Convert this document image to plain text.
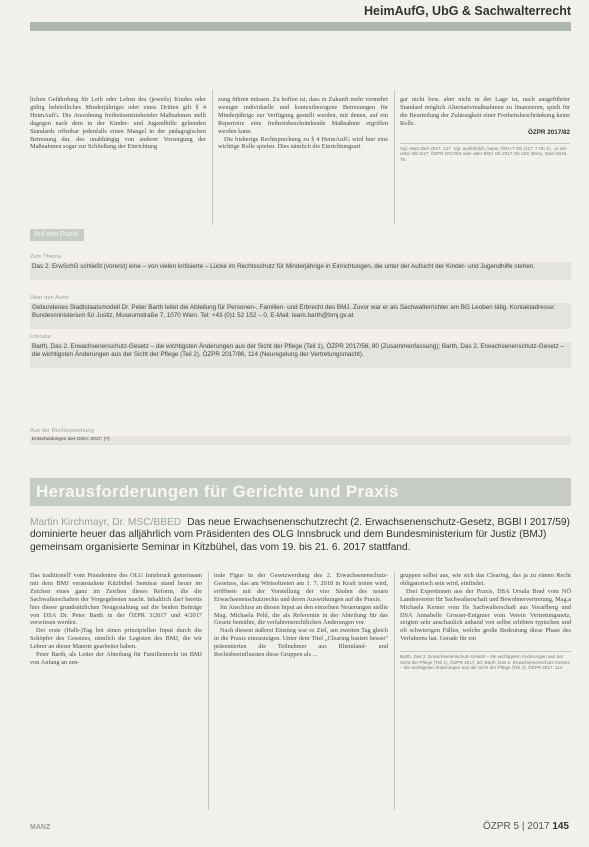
HeimAufG, UbG & Sachwalterrecht

lichen Gefährdung für Leib oder Leben des (jeweils) Kindes oder gültig behördliches Minderjähriges oder eines Dritten gilt § 4 HeimAufG. Die Anordnung freiheitsentziehender Maßnahmen stellt dagegen nach dem in der Kinder- und Jugendhilfe geltenden Standards offenbar jedenfalls einen Mangel in der pädagogischen Betreuung dar, des unabhängig von anderer Vorsorgung der Maßnahmen sogar zur Schließung der Einrichtung

zung führen müssen. Zu hoffen ist, dass in Zukunft mehr vermehrt weniger individuelle und kontextbezogene Betreuungen für Minderjährige zur Verfügung gestellt werden, mit denen, auf ein Repertoire eine freiheitsbeschränkende Maßnahme ergriffen werden kann.

Die bisherige Rechtsprechung zu § 4 HeimAufG wird hier eine wichtige Rolle spielen. Dies nämlich die Einrichtungsart

gar nicht bzw. aber nicht in der Lage ist, nach ausgeführter Standard möglich Alternativmaßnahmen zu finanzieren, spielt für die Beurteilung der Zulässigkeit einer Freiheitsbeschränkung keine Rolle.

ÖZPR 2017/82

Vgl. etwa Zierl 2017, 127. Vgl. ausführlich, bspw. ÖGH 7 Ob 1/17; 7 Ob 1/... in der unter Ob 2/17; ÖZPR 2017/53 oder aber BGH Ob 2017 Ob 153; Berry, Spiel 2016, 75.

Auf den Punkt
Zum Thema
Das 2. ErwSchG schließt (vorerst) eine – von vielen kritisierte – Lücke im Rechtsschutz für Minderjährige in Einrichtungen, die unter der Aufsicht der Kinder- und Jugendhilfe stehen.
Über den Autor
Gebundenes Stadtstaatsmodell Dr. Peter Barth leitet die Abteilung für Personen-, Familien- und Erbrecht des BMJ. Zuvor war er als Sachwalterrichter am BG Leoben tätig. Kontaktadresse: Bundesministerium für Justiz, Museumstraße 7, 1070 Wien. Tel: +43 (0)1 52 152 – 0, E-Mail: team.barth@bmj.gv.at
Literatur
Barth, Das 2. Erwachsenenschutz-Gesetz – die wichtigsten Änderungen aus der Sicht der Pflege (Teil 1), ÖZPR 2017/56, 80 (Zusammenfassung); Barth, Das 2. Erwachsenenschutz-Gesetz – die wichtigsten Änderungen aus der Sicht der Pflege (Teil 2), ÖZPR 2017/86, 114 (Neuregelung der Vertretungsmacht).
Aus der Rechtsprechung
Entscheidungen des OGH; 2017; (?)
Herausforderungen für Gerichte und Praxis
Martin Kirchmayr, Dr. MSC/BBED Das neue Erwachsenenschutzrecht (2. Erwachsenenschutz-Gesetz, BGBl I 2017/59) dominierte heuer das alljährlich vom Präsidenten des OLG Innsbruck und dem Bundesministerium für Justiz (BMJ) gemeinsam organisierte Seminar in Kitzbühel, das vom 19. bis 21. 6. 2017 stattfand.

Das traditionell' vom Präsidenten des OLG Innsbruck gemeinsam mit dem BMJ veranstaltete Kitzbühel Seminar stand heuer im Zeichen eines ganz im Zeichen dieses Reform, die die Sachwalterschaften der Vorgegebenen macht. Inhaltlich darf bereits hier dieser grundsätzlichen Neugestaltung auf die beiden Beiträge von DSA Dr. Peter Barth in der ÖZPR 3/2017 und 4/2017 verwiesen werden.

Der erste (Halb-)Tag bot einen prinzipiellen Input durch die Schöpfer des Gesetzes, nämlich die Legisten des BMJ, die wir Lehrer an dieser Materie gearbeitet haben.

Peter Barth, als Leiter der Abteilung für Familienrecht im BMJ von Anfang an zen-

trale Figur in der Gesetzwerdung des 2. Erwachsenenschutz-Gesetzes, das am Wirtsoftreten am 1. 7. 2018 in Kraft treten wird, eröffnete mit der Vorstellung der vier Säulen des neuen Erwachsenenschutzrechts und deren Auswirkungen auf die Praxis.

Im Anschluss an diesen Input an den einzelnen Neuerungen stellte Mag. Michaela Pehl, die als Referentin in der Abteilung für das Gesetz bemühte, die verfahrensrechtlichen Änderungen vor.

Nach diesem äußerst Einstieg war es Ziel, am zweiten Tag gleich in die Praxis einzusteigen. Unter dem Titel „Clearing basiert besser" präsentierten die Teilnehmer aus Rheinland- und Rechtsbeeinflussten diese Gruppen als ...

gruppen selbst aus, wie sich das Clearing, das ja zu einem Recht obligatorisch sein wird, einfindet.

Drei Expertinnen aus der Praxis, DSA Ursula Brad vom NÖ Landesverein für Sachwalterschaft und Bewohnervertretung, Mag.a Michaela Kerner vom Ifs Sachwalterschaft aus Vorarlberg und DSA Annabelle Grosser-Enigmer vom Verein Vertretungsnetz, zeigten sehr anschaulich anhand von selbst erlebten typischen und oft schwierigen Fällen, welche große Bedeutung diese Phase des Verfahrens hat. Gerade für ein

Barth, Das 2. Erwachsenenschutz-Gesetz – die wichtigsten Änderungen aus der Sicht der Pflege (Teil 1), ÖZPR 2017, 80; Barth, Das 2. Erwachsenenschutz-Gesetz – die wichtigsten Änderungen aus der Sicht der Pflege (Teil 2), ÖZPR 2017, 114.

MANZ	ÖZPR 5 | 2017 145
